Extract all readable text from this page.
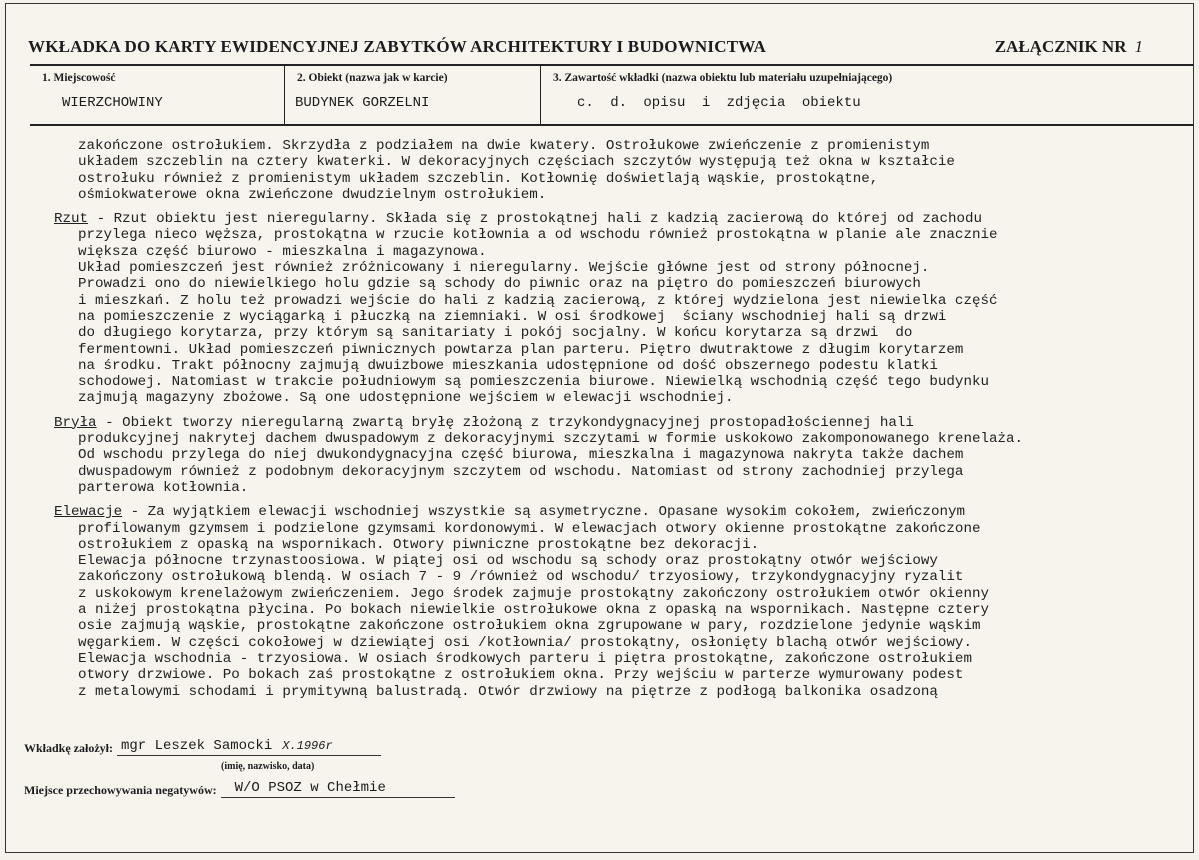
WKŁADKA DO KARTY EWIDENCYJNEJ ZABYTKÓW ARCHITEKTURY I BUDOWNICTWA	ZAŁĄCZNIK NR 1
1. Miejscowość
WIERZCHOWINY
2. Obiekt (nazwa jak w karcie)
BUDYNEK GORZELNI
3. Zawartość wkładki (nazwa obiektu lub materiału uzupełniającego)
c. d. opisu i zdjęcia obiektu
zakończone ostrołukiem. Skrzydła z podziałem na dwie kwatery. Ostrołukowe zwieńczenie z promienistym
układem szczeblin na cztery kwaterki. W dekoracyjnych częściach szczytów występują też okna w kształcie
ostrołuku również z promienistym układem szczeblin. Kotłownię doświetlają wąskie, prostokątne,
ośmiokwaterowe okna zwieńczone dwudzielnym ostrołukiem.
Rzut - Rzut obiektu jest nieregularny. Składa się z prostokątnej hali z kadzią zacierową do której od zachodu
przylega nieco węższa, prostokątna w rzucie kotłownia a od wschodu również prostokątna w planie ale znacznie
większa część biurowo - mieszkalna i magazynowa.
Układ pomieszczeń jest również zróżnicowany i nieregularny. Wejście główne jest od strony północnej.
Prowadzi ono do niewielkiego holu gdzie są schody do piwnic oraz na piętro do pomieszczeń biurowych
i mieszkań. Z holu też prowadzi wejście do hali z kadzią zacierową, z której wydzielona jest niewielka część
na pomieszczenie z wyciągarką i płuczką na ziemniaki. W osi środkowej  ściany wschodniej hali są drzwi
do długiego korytarza, przy którym są sanitariaty i pokój socjalny. W końcu korytarza są drzwi  do
fermentowni. Układ pomieszczeń piwnicznych powtarza plan parteru. Piętro dwutraktowe z długim korytarzem
na środku. Trakt północny zajmują dwuizbowe mieszkania udostępnione od dość obszernego podestu klatki
schodowej. Natomiast w trakcie południowym są pomieszczenia biurowe. Niewielką wschodnią część tego budynku
zajmują magazyny zbożowe. Są one udostępnione wejściem w elewacji wschodniej.
Bryła - Obiekt tworzy nieregularną zwartą bryłę złożoną z trzykondygnacyjnej prostopadłościennej hali
produkcyjnej nakrytej dachem dwuspadowym z dekoracyjnymi szczytami w formie uskokowo zakomponowanego krenelaża.
Od wschodu przylega do niej dwukondygnacyjna część biurowa, mieszkalna i magazynowa nakryta także dachem
dwuspadowym również z podobnym dekoracyjnym szczytem od wschodu. Natomiast od strony zachodniej przylega
parterowa kotłownia.
Elewacje - Za wyjątkiem elewacji wschodniej wszystkie są asymetryczne. Opasane wysokim cokołem, zwieńczonym
profilowanym gzymsem i podzielone gzymsami kordonowymi. W elewacjach otwory okienne prostokątne zakończone
ostrołukiem z opaską na wspornikach. Otwory piwniczne prostokątne bez dekoracji.
Elewacja północne trzynastoosiowa. W piątej osi od wschodu są schody oraz prostokątny otwór wejściowy
zakończony ostrołukową blendą. W osiach 7 - 9 /również od wschodu/ trzyosiowy, trzykondygnacyjny ryzalit
z uskokowym krenelażowym zwieńczeniem. Jego środek zajmuje prostokątny zakończony ostrołukiem otwór okienny
a niżej prostokątna płycina. Po bokach niewielkie ostrołukowe okna z opaską na wspornikach. Następne cztery
osie zajmują wąskie, prostokątne zakończone ostrołukiem okna zgrupowane w pary, rozdzielone jedynie wąskim
węgarkiem. W części cokołowej w dziewiątej osi /kotłownia/ prostokątny, osłonięty blachą otwór wejściowy.
Elewacja wschodnia - trzyosiowa. W osiach środkowych parteru i piętra prostokątne, zakończone ostrołukiem
otwory drzwiowe. Po bokach zaś prostokątne z ostrołukiem okna. Przy wejściu w parterze wymurowany podest
z metalowymi schodami i prymitywną balustradą. Otwór drzwiowy na piętrze z podłogą balkonika osadzoną
Wkładkę założył: mgr Leszek Samocki X.1996r
(imię, nazwisko, data)
Miejsce przechowywania negatywów:	W/O PSOZ w Chełmie
